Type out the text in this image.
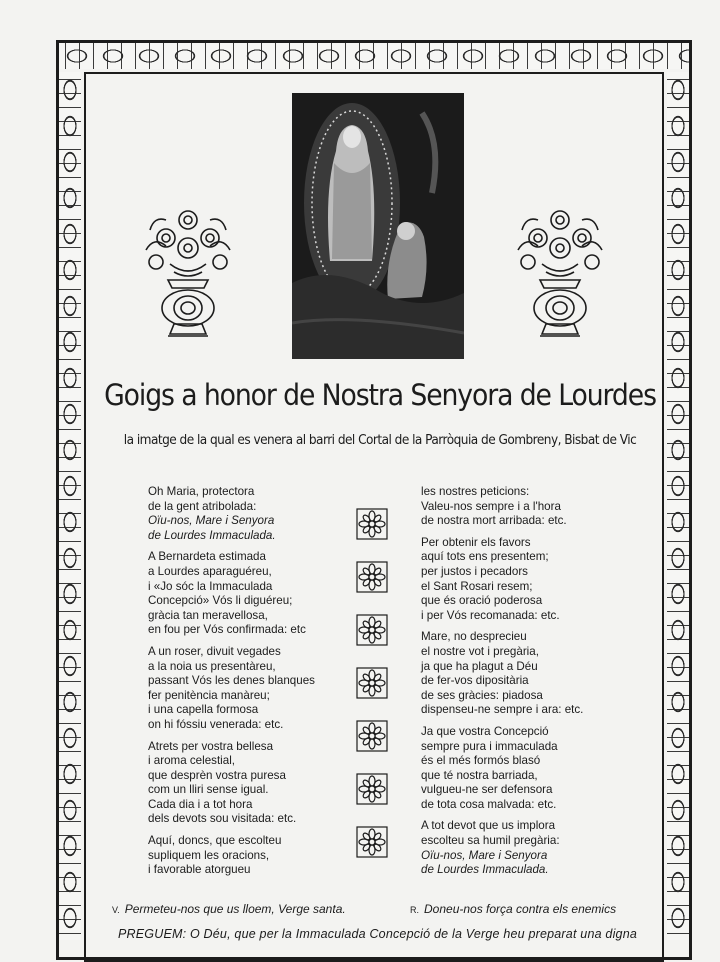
Goigs a honor de Nostra Senyora de Lourdes

la imatge de la qual es venera al barri del Cortal de la Parròquia de Gombreny, Bisbat de Vic

Oh Maria, protectora
de la gent atribolada:
Oïu-nos, Mare i Senyora
de Lourdes Immaculada.
A Bernardeta estimada
a Lourdes aparaguéreu,
i «Jo sóc la Immaculada
Concepció» Vós li diguéreu;
gràcia tan meravellosa,
en fou per Vós confirmada: etc
A un roser, divuit vegades
a la noia us presentàreu,
passant Vós les denes blanques
fer penitència manàreu;
i una capella formosa
on hi fóssiu venerada: etc.
Atrets per vostra bellesa
i aroma celestial,
que desprèn vostra puresa
com un lliri sense igual.
Cada dia i a tot hora
dels devots sou visitada: etc.
Aquí, doncs, que escolteu
supliquem les oracions,
i favorable atorgueu
les nostres peticions:
Valeu-nos sempre i a l'hora
de nostra mort arribada: etc.
Per obtenir els favors
aquí tots ens presentem;
per justos i pecadors
el Sant Rosari resem;
que és oració poderosa
i per Vós recomanada: etc.
Mare, no despreciеu
el nostre vot i pregària,
ja que ha plagut a Déu
de fer-vos dipositària
de ses gràcies: piadosa
dispenseu-ne sempre i ara: etc.
Ja que vostra Concepció
sempre pura i immaculada
és el més formós blasó
que té nostra barriada,
vulgueu-ne ser defensora
de tota cosa malvada: etc.
A tot devot que us implora
escolteu sa humil pregària:
Oïu-nos, Mare i Senyora
de Lourdes Immaculada.
V. Permeteu-nos que us lloem, Verge santa.	R. Doneu-nos força contra els enemics
PREGUEM: O Déu, que per la Immaculada Concepció de la Verge heu preparat una digna
